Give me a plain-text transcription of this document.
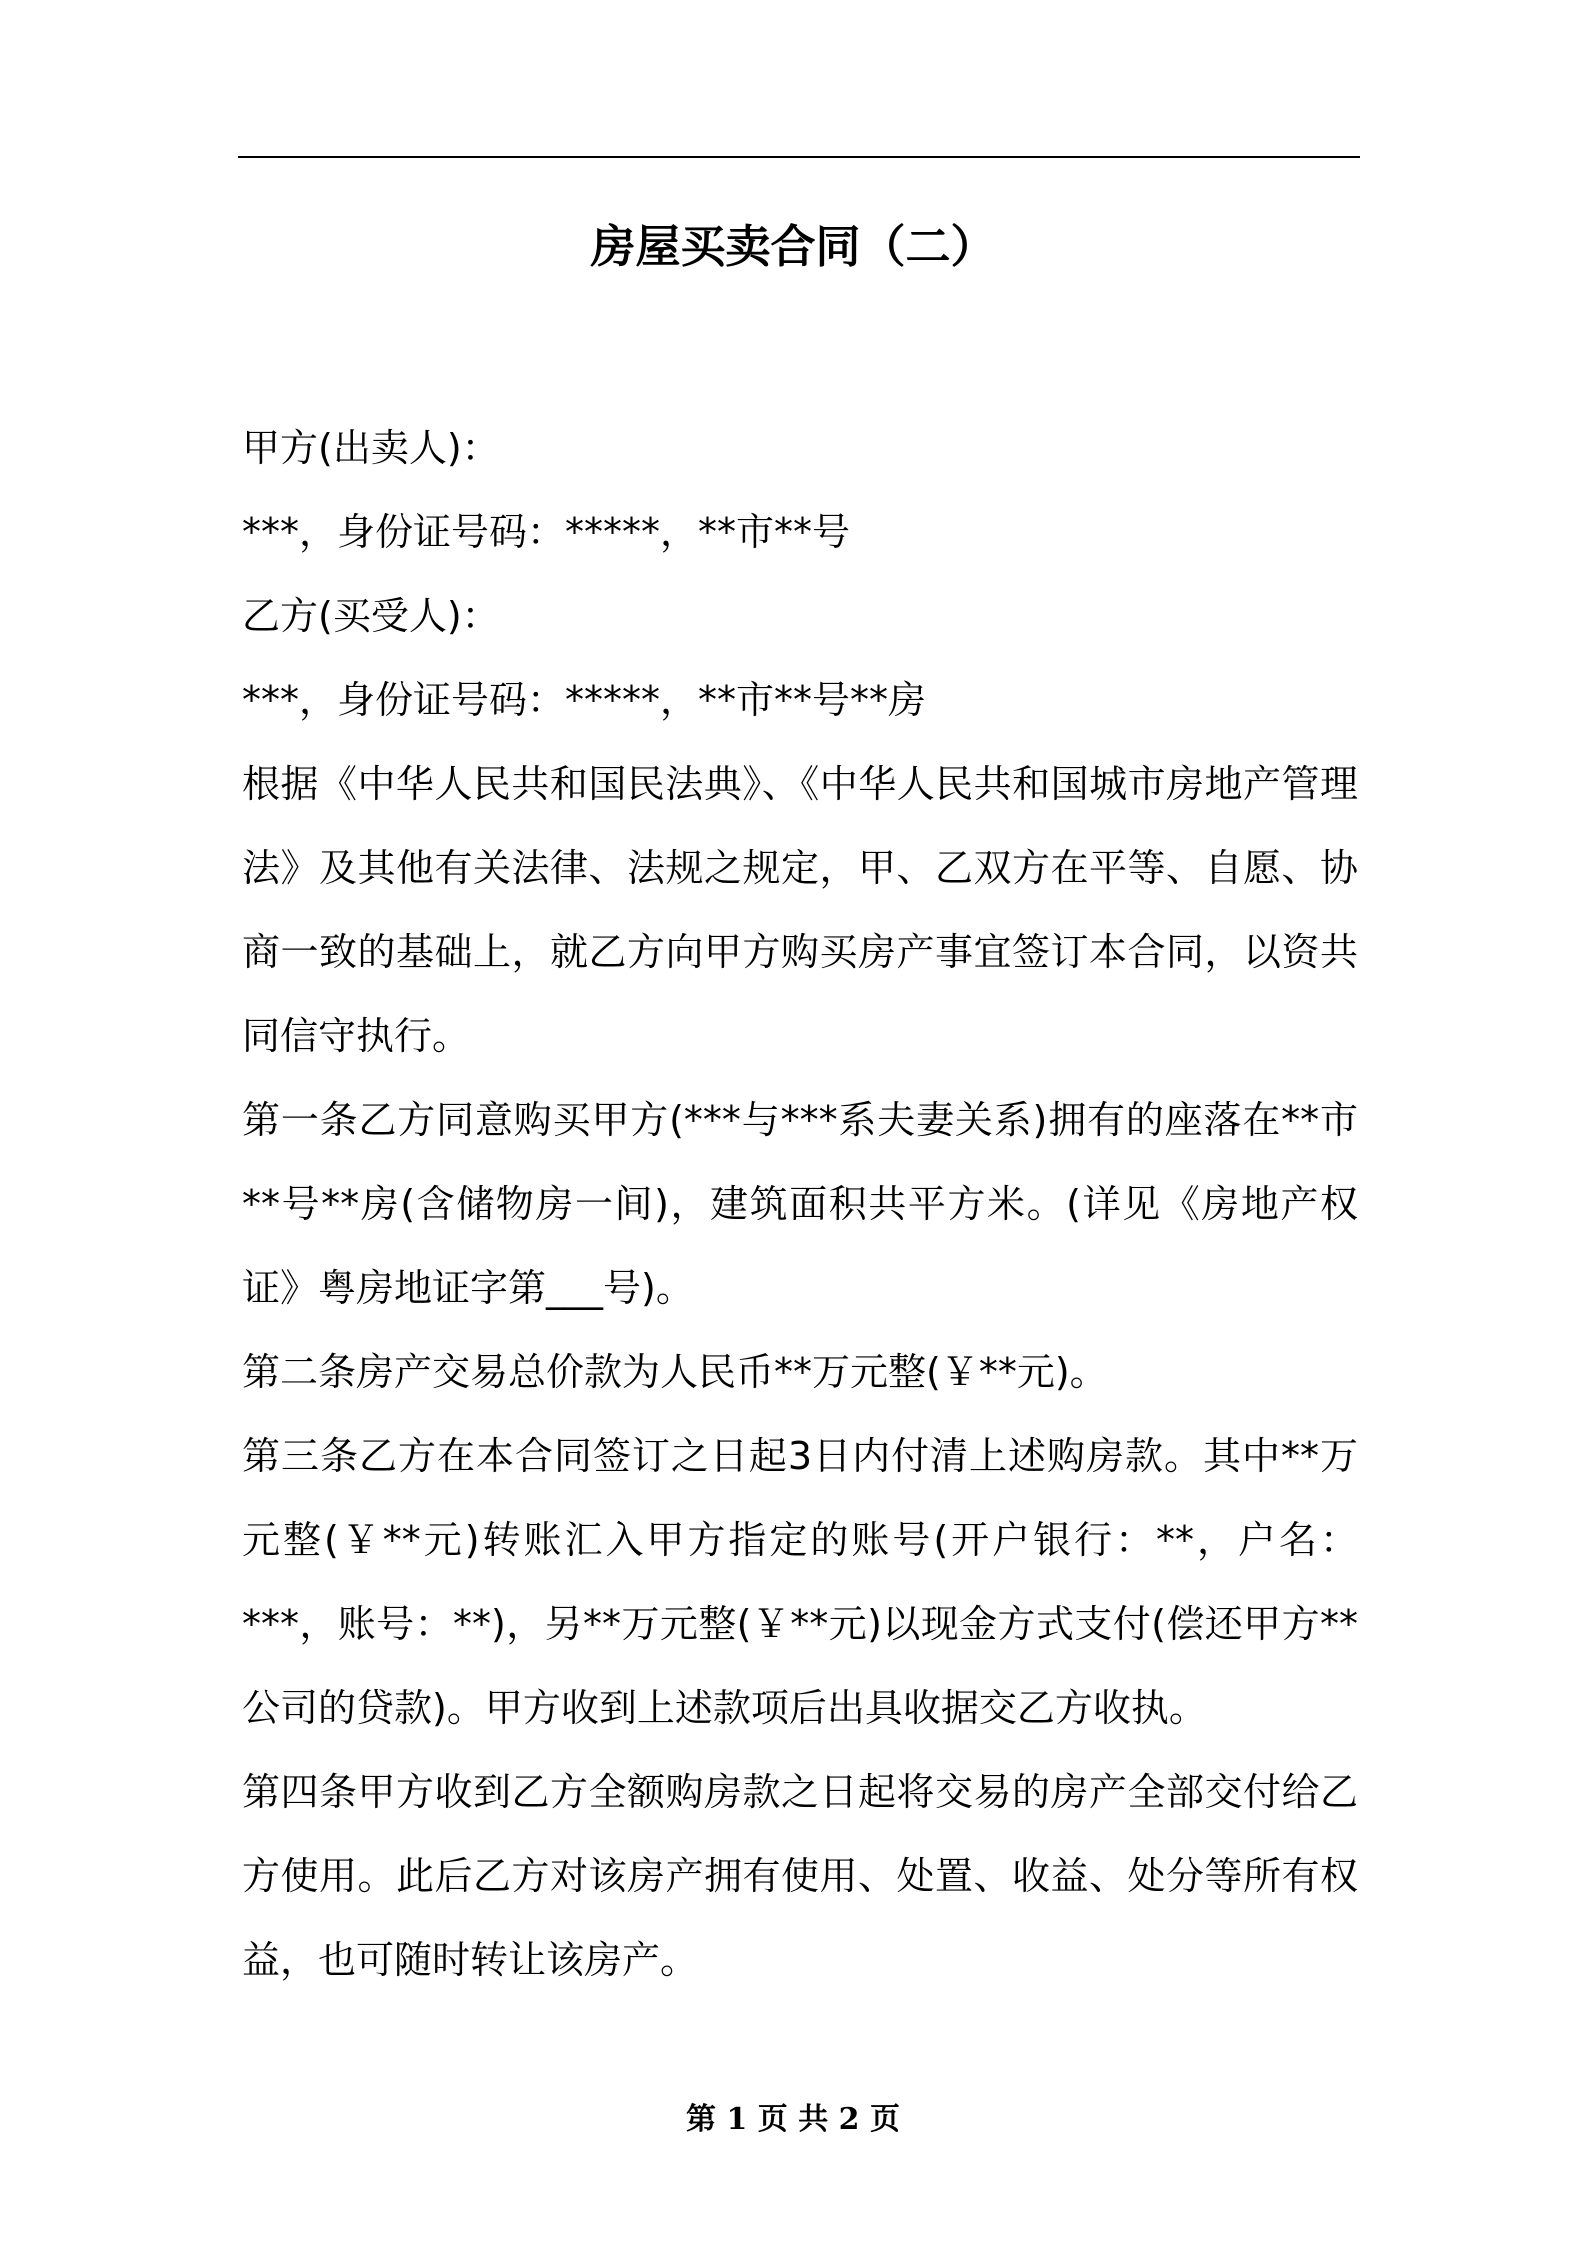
房屋买卖合同（二）

甲方(出卖人)：

***，身份证号码：*****，**市**号

乙方(买受人)：

***，身份证号码：*****，**市**号**房

根据《中华人民共和国民法典》、《中华人民共和国城市房地产管理法》及其他有关法律、法规之规定，甲、乙双方在平等、自愿、协商一致的基础上，就乙方向甲方购买房产事宜签订本合同，以资共同信守执行。

第一条乙方同意购买甲方(***与***系夫妻关系)拥有的座落在**市**号**房(含储物房一间)，建筑面积共平方米。(详见《房地产权证》粤房地证字第___号)。

第二条房产交易总价款为人民币**万元整(￥**元)。

第三条乙方在本合同签订之日起3日内付清上述购房款。其中**万元整(￥**元)转账汇入甲方指定的账号(开户银行：**，户名：***，账号：**)，另**万元整(￥**元)以现金方式支付(偿还甲方**公司的贷款)。甲方收到上述款项后出具收据交乙方收执。

第四条甲方收到乙方全额购房款之日起将交易的房产全部交付给乙方使用。此后乙方对该房产拥有使用、处置、收益、处分等所有权益，也可随时转让该房产。

第 1 页 共 2 页
